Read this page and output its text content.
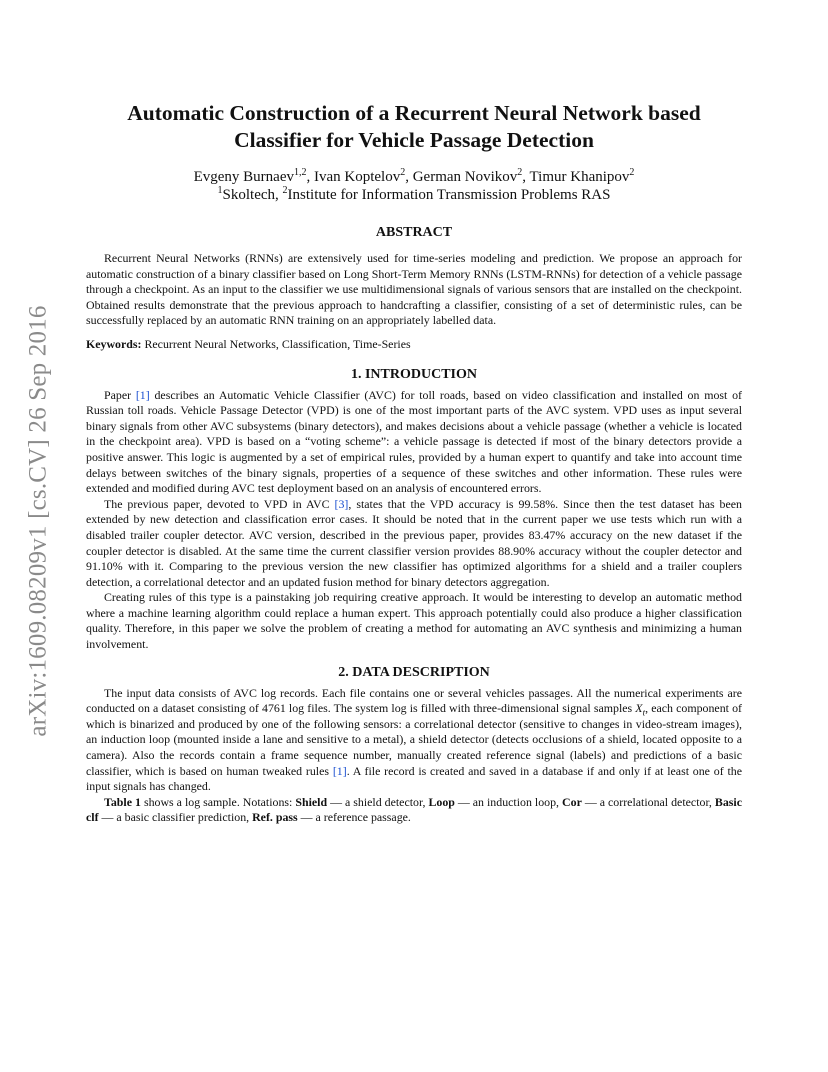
arXiv:1609.08209v1 [cs.CV] 26 Sep 2016
Automatic Construction of a Recurrent Neural Network based Classifier for Vehicle Passage Detection
Evgeny Burnaev$^{1,2}$, Ivan Koptelov$^2$, German Novikov$^2$, Timur Khanipov$^2$
$^1$Skoltech, $^2$Institute for Information Transmission Problems RAS
ABSTRACT

Recurrent Neural Networks (RNNs) are extensively used for time-series modeling and prediction. We propose an approach for automatic construction of a binary classifier based on Long Short-Term Memory RNNs (LSTM-RNNs) for detection of a vehicle passage through a checkpoint. As an input to the classifier we use multidimensional signals of various sensors that are installed on the checkpoint. Obtained results demonstrate that the previous approach to handcrafting a classifier, consisting of a set of deterministic rules, can be successfully replaced by an automatic RNN training on an appropriately labelled data.

Keywords: Recurrent Neural Networks, Classification, Time-Series

1. INTRODUCTION

Paper [1] describes an Automatic Vehicle Classifier (AVC) for toll roads, based on video classification and installed on most of Russian toll roads. Vehicle Passage Detector (VPD) is one of the most important parts of the AVC system. VPD uses as input several binary signals from other AVC subsystems (binary detectors), and makes decisions about a vehicle passage (whether a vehicle is located in the checkpoint area). VPD is based on a “voting scheme”: a vehicle passage is detected if most of the binary detectors provide a positive answer. This logic is augmented by a set of empirical rules, provided by a human expert to quantify and take into account time delays between switches of the binary signals, properties of a sequence of these switches and other information. These rules were extended and modified during AVC test deployment based on an analysis of encountered errors.

The previous paper, devoted to VPD in AVC [3], states that the VPD accuracy is 99.58%. Since then the test dataset has been extended by new detection and classification error cases. It should be noted that in the current paper we use tests which run with a disabled trailer coupler detector. AVC version, described in the previous paper, provides 83.47% accuracy on the new dataset if the coupler detector is disabled. At the same time the current classifier version provides 88.90% accuracy without the coupler detector and 91.10% with it. Comparing to the previous version the new classifier has optimized algorithms for a shield and a trailer couplers detection, a correlational detector and an updated fusion method for binary detectors aggregation.

Creating rules of this type is a painstaking job requiring creative approach. It would be interesting to develop an automatic method where a machine learning algorithm could replace a human expert. This approach potentially could also produce a higher classification quality. Therefore, in this paper we solve the problem of creating a method for automating an AVC synthesis and minimizing a human involvement.

2. DATA DESCRIPTION

The input data consists of AVC log records. Each file contains one or several vehicles passages. All the numerical experiments are conducted on a dataset consisting of 4761 log files. The system log is filled with three-dimensional signal samples $X_t$, each component of which is binarized and produced by one of the following sensors: a correlational detector (sensitive to changes in video-stream images), an induction loop (mounted inside a lane and sensitive to a metal), a shield detector (detects occlusions of a shield, located opposite to a camera). Also the records contain a frame sequence number, manually created reference signal (labels) and predictions of a basic classifier, which is based on human tweaked rules [1]. A file record is created and saved in a database if and only if at least one of the input signals has changed.

Table 1 shows a log sample. Notations: Shield — a shield detector, Loop — an induction loop, Cor — a correlational detector, Basic clf — a basic classifier prediction, Ref. pass — a reference passage.
